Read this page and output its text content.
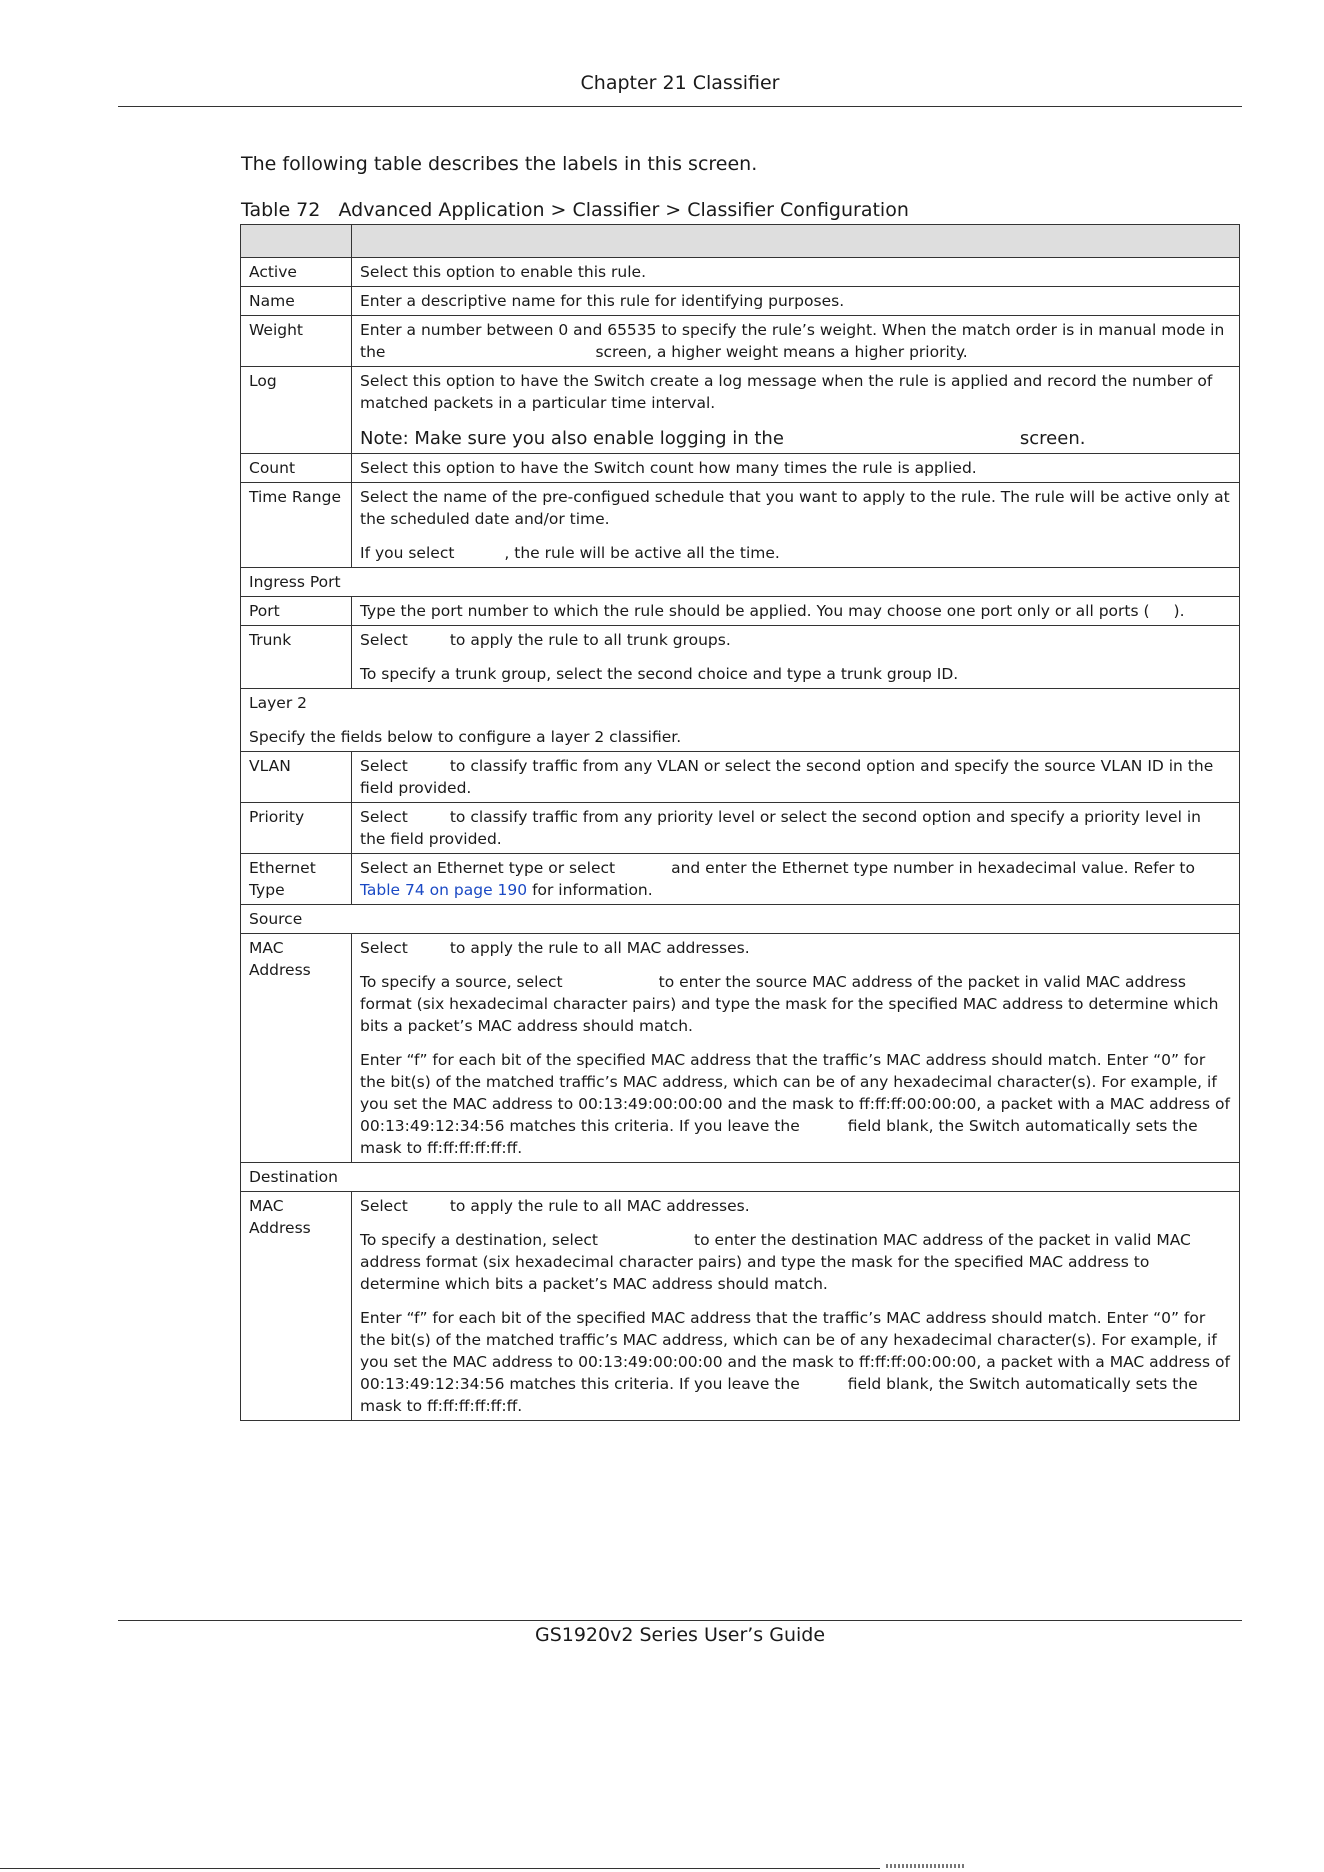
Chapter 21 Classifier
The following table describes the labels in this screen.
Table 72   Advanced Application > Classifier > Classifier Configuration

Active	Select this option to enable this rule.
Name	Enter a descriptive name for this rule for identifying purposes.
Weight	Enter a number between 0 and 65535 to specify the rule’s weight. When the match order is in manual mode in the screen, a higher weight means a higher priority.
Log	Select this option to have the Switch create a log message when the rule is applied and record the number of matched packets in a particular time interval.

Note: Make sure you also enable logging in the screen.

Count	Select this option to have the Switch count how many times the rule is applied.
Time Range	Select the name of the pre-configued schedule that you want to apply to the rule. The rule will be active only at the scheduled date and/or time.

If you select , the rule will be active all the time.

Ingress Port	
Port	Type the port number to which the rule should be applied. You may choose one port only or all ports ( ).
Trunk	Select to apply the rule to all trunk groups.

To specify a trunk group, select the second choice and type a trunk group ID.

Layer 2

Specify the fields below to configure a layer 2 classifier.	

VLAN	Select to classify traffic from any VLAN or select the second option and specify the source VLAN ID in the field provided.
Priority	Select to classify traffic from any priority level or select the second option and specify a priority level in the field provided.
Ethernet Type	Select an Ethernet type or select and enter the Ethernet type number in hexadecimal value. Refer to Table 74 on page 190 for information.
Source	
MAC Address	Select to apply the rule to all MAC addresses.

To specify a source, select to enter the source MAC address of the packet in valid MAC address format (six hexadecimal character pairs) and type the mask for the specified MAC address to determine which bits a packet’s MAC address should match.

Enter “f” for each bit of the specified MAC address that the traffic’s MAC address should match. Enter “0” for the bit(s) of the matched traffic’s MAC address, which can be of any hexadecimal character(s). For example, if you set the MAC address to 00:13:49:00:00:00 and the mask to ff:ff:ff:00:00:00, a packet with a MAC address of 00:13:49:12:34:56 matches this criteria. If you leave the field blank, the Switch automatically sets the mask to ff:ff:ff:ff:ff:ff.

Destination	
MAC Address	Select to apply the rule to all MAC addresses.

To specify a destination, select to enter the destination MAC address of the packet in valid MAC address format (six hexadecimal character pairs) and type the mask for the specified MAC address to determine which bits a packet’s MAC address should match.

Enter “f” for each bit of the specified MAC address that the traffic’s MAC address should match. Enter “0” for the bit(s) of the matched traffic’s MAC address, which can be of any hexadecimal character(s). For example, if you set the MAC address to 00:13:49:00:00:00 and the mask to ff:ff:ff:00:00:00, a packet with a MAC address of 00:13:49:12:34:56 matches this criteria. If you leave the field blank, the Switch automatically sets the mask to ff:ff:ff:ff:ff:ff.

GS1920v2 Series User’s Guide
